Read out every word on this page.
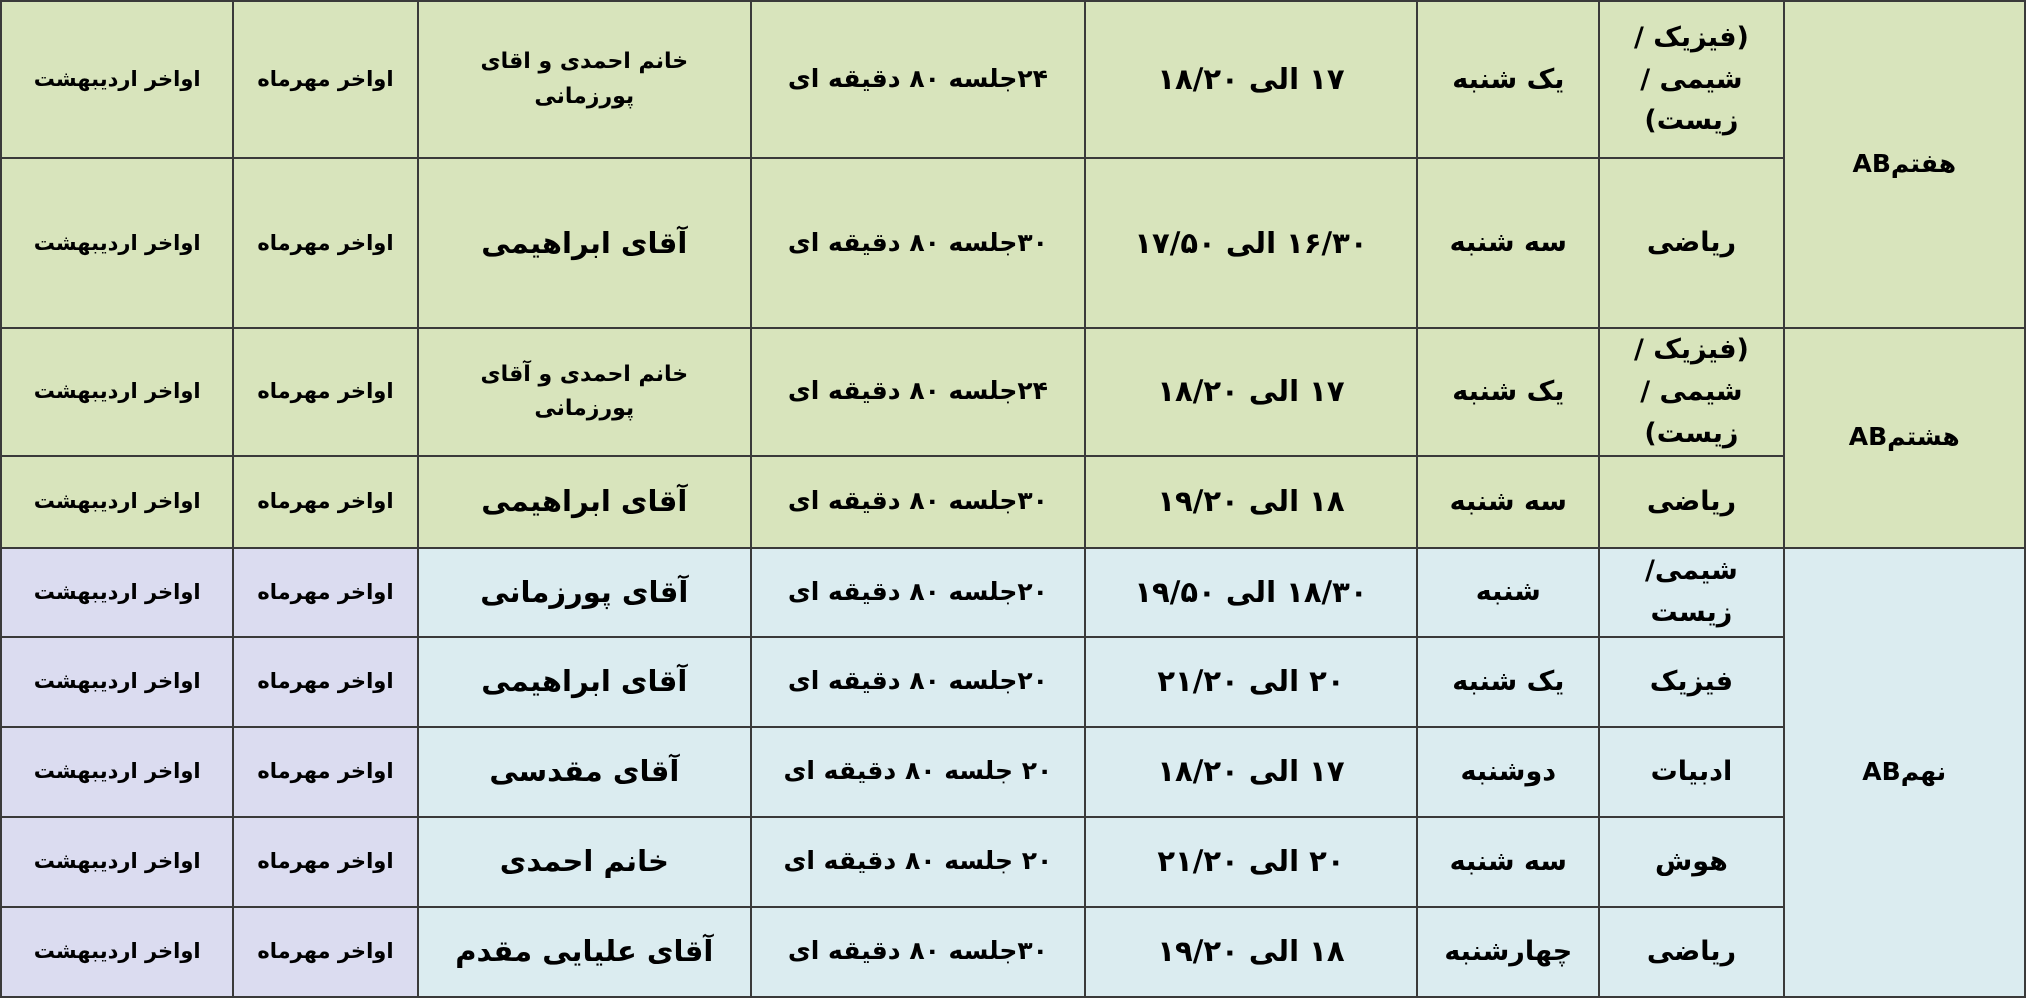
هفتمAB	(فیزیک / شیمی / زیست)	یک شنبه	۱۷ الی ۱۸/۲۰	۲۴جلسه ۸۰ دقیقه ای	خانم احمدی و اقای پورزمانی	اواخر مهرماه	اواخر اردیبهشت
	ریاضی	سه شنبه	۱۶/۳۰ الی ۱۷/۵۰	۳۰جلسه ۸۰ دقیقه ای	آقای ابراهیمی	اواخر مهرماه	اواخر اردیبهشت
هشتمAB	(فیزیک / شیمی / زیست)	یک شنبه	۱۷ الی ۱۸/۲۰	۲۴جلسه ۸۰ دقیقه ای	خانم احمدی و آقای پورزمانی	اواخر مهرماه	اواخر اردیبهشت
	ریاضی	سه شنبه	۱۸ الی ۱۹/۲۰	۳۰جلسه ۸۰ دقیقه ای	آقای ابراهیمی	اواخر مهرماه	اواخر اردیبهشت
نهمAB	شیمی/زیست	شنبه	۱۸/۳۰ الی ۱۹/۵۰	۲۰جلسه ۸۰ دقیقه ای	آقای پورزمانی	اواخر مهرماه	اواخر اردیبهشت
	فیزیک	یک شنبه	۲۰ الی ۲۱/۲۰	۲۰جلسه ۸۰ دقیقه ای	آقای ابراهیمی	اواخر مهرماه	اواخر اردیبهشت
	ادبیات	دوشنبه	۱۷ الی ۱۸/۲۰	۲۰ جلسه ۸۰ دقیقه ای	آقای مقدسی	اواخر مهرماه	اواخر اردیبهشت
	هوش	سه شنبه	۲۰ الی ۲۱/۲۰	۲۰ جلسه ۸۰ دقیقه ای	خانم احمدی	اواخر مهرماه	اواخر اردیبهشت
	ریاضی	چهارشنبه	۱۸ الی ۱۹/۲۰	۳۰جلسه ۸۰ دقیقه ای	آقای علیایی مقدم	اواخر مهرماه	اواخر اردیبهشت
